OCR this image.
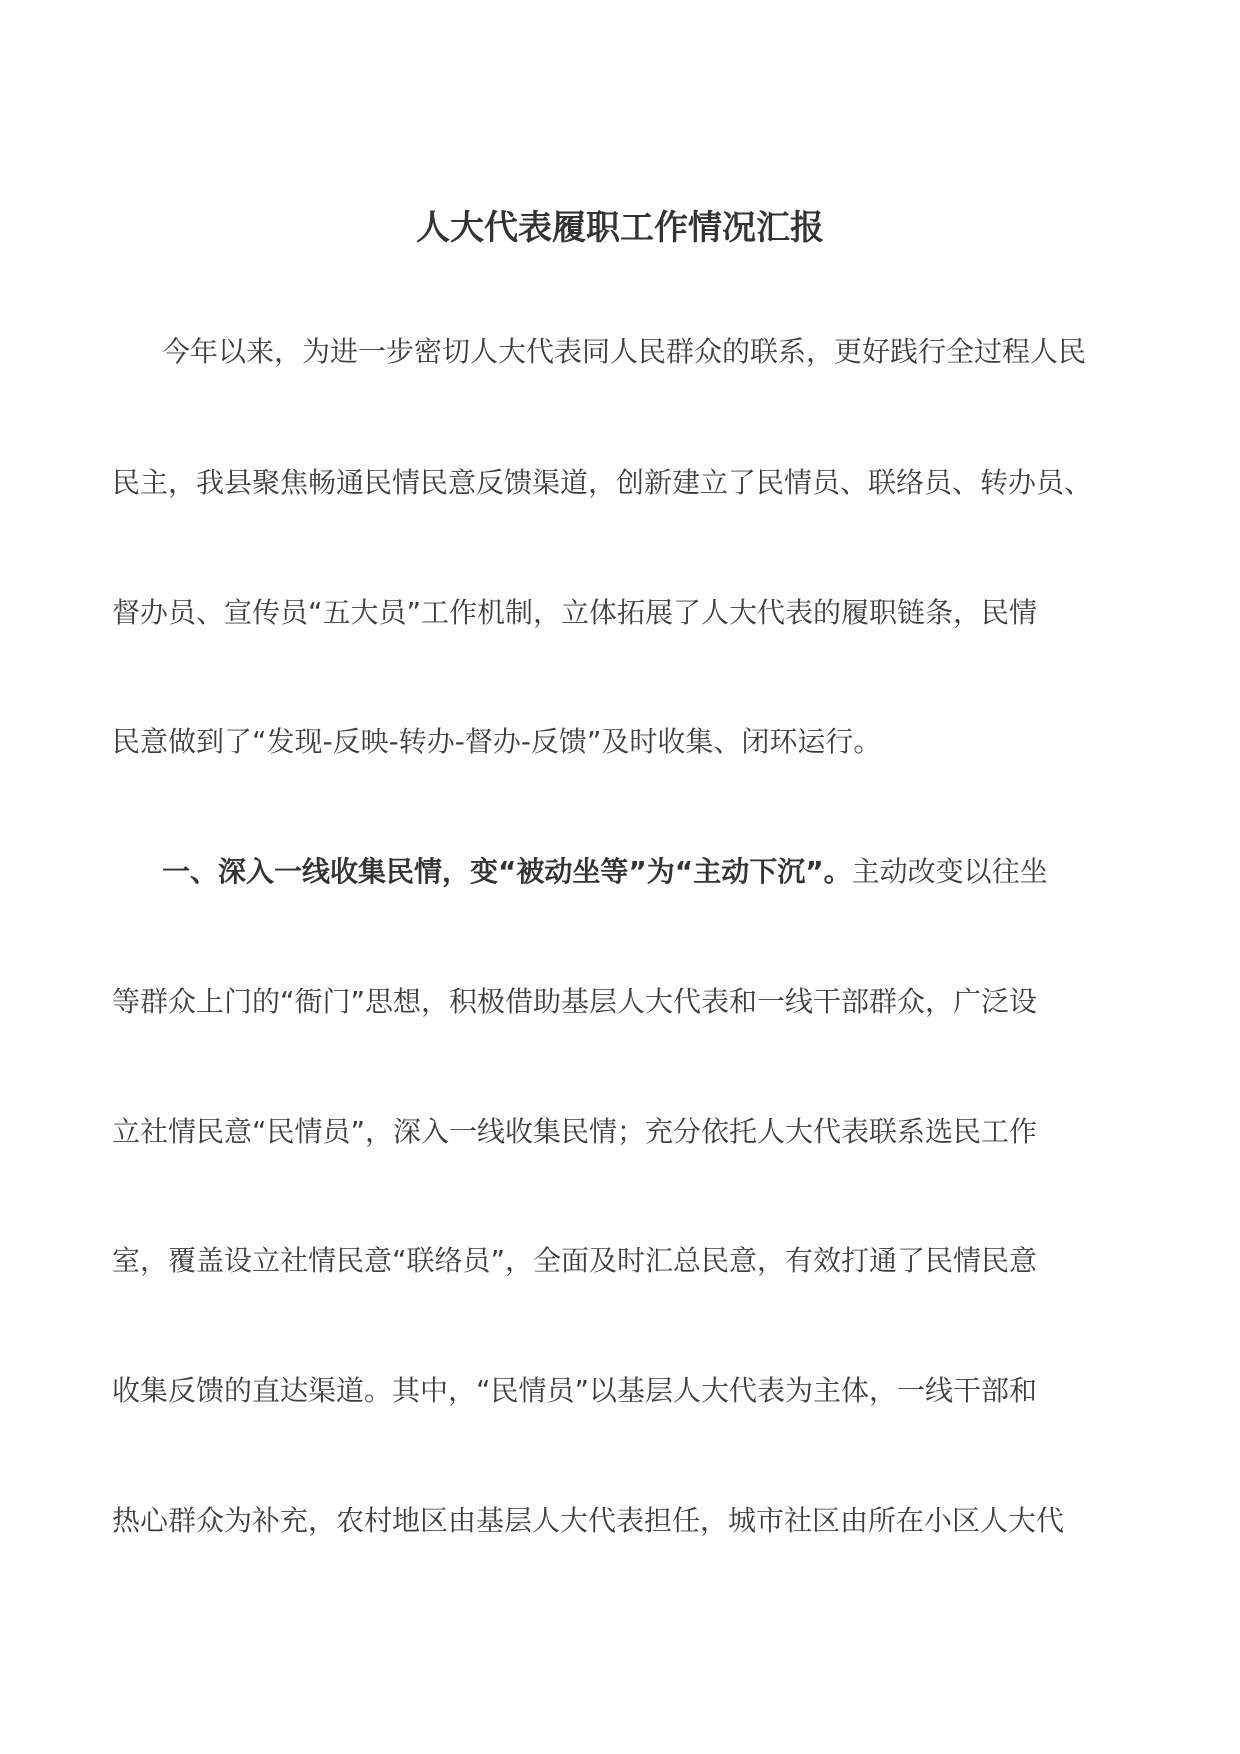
人大代表履职工作情况汇报

今年以来，为进一步密切人大代表同人民群众的联系，更好践行全过程人民

民主，我县聚焦畅通民情民意反馈渠道，创新建立了民情员、联络员、转办员、

督办员、宣传员“五大员”工作机制，立体拓展了人大代表的履职链条，民情

民意做到了“发现-反映-转办-督办-反馈”及时收集、闭环运行。

一、深入一线收集民情，变“被动坐等”为“主动下沉”。主动改变以往坐

等群众上门的“衙门”思想，积极借助基层人大代表和一线干部群众，广泛设

立社情民意“民情员”，深入一线收集民情；充分依托人大代表联系选民工作

室，覆盖设立社情民意“联络员”，全面及时汇总民意，有效打通了民情民意

收集反馈的直达渠道。其中，“民情员”以基层人大代表为主体，一线干部和

热心群众为补充，农村地区由基层人大代表担任，城市社区由所在小区人大代
